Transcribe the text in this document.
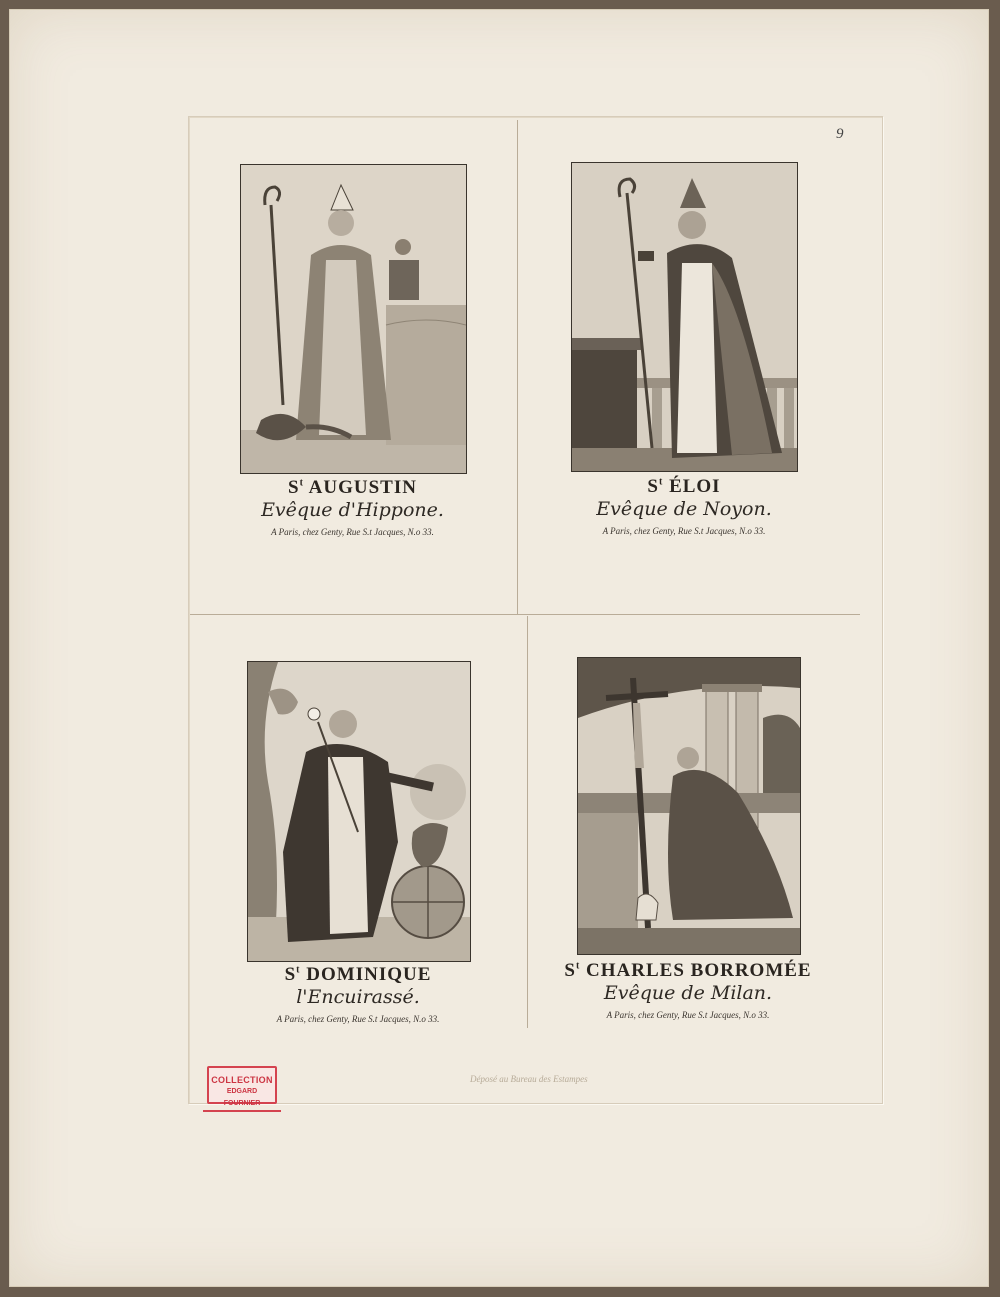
9
$S^t$ AUGUSTIN
Evêque d'Hippone.
A Paris, chez Genty, Rue S.t Jacques, N.o 33.
$S^t$ ÉLOI
Evêque de Noyon.
A Paris, chez Genty, Rue S.t Jacques, N.o 33.
$S^t$ DOMINIQUE
l'Encuirassé.
A Paris, chez Genty, Rue S.t Jacques, N.o 33.
$S^t$ CHARLES BORROMÉE
Evêque de Milan.
A Paris, chez Genty, Rue S.t Jacques, N.o 33.
Déposé au Bureau des Estampes
COLLECTION
EDGARD FOURNIER
